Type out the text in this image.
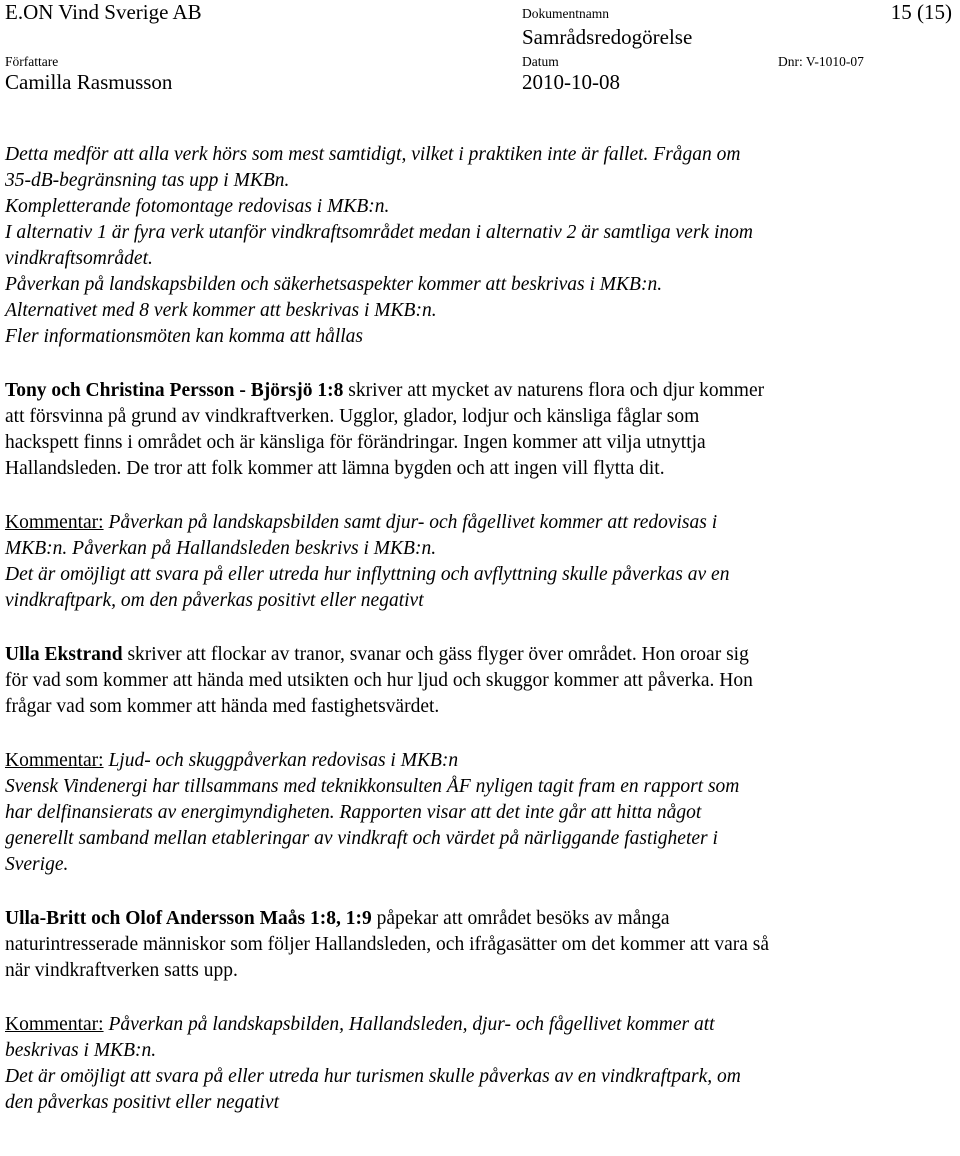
E.ON Vind Sverige AB	Dokumentnamn	15 (15)
Samrådsredogörelse
Författare	Datum	Dnr: V-1010-07
Camilla Rasmusson	2010-10-08

Detta medför att alla verk hörs som mest samtidigt, vilket i praktiken inte är fallet. Frågan om

35-dB-begränsning tas upp i MKBn.

Kompletterande fotomontage redovisas i MKB:n.

I alternativ 1 är fyra verk utanför vindkraftsområdet medan i alternativ 2 är samtliga verk inom

vindkraftsområdet.

Påverkan på landskapsbilden och säkerhetsaspekter kommer att beskrivas i MKB:n.

Alternativet med 8 verk kommer att beskrivas i MKB:n.

Fler informationsmöten kan komma att hållas

Tony och Christina Persson - Björsjö 1:8 skriver att mycket av naturens flora och djur kommer

att försvinna på grund av vindkraftverken. Ugglor, glador, lodjur och känsliga fåglar som

hackspett finns i området och är känsliga för förändringar. Ingen kommer att vilja utnyttja

Hallandsleden. De tror att folk kommer att lämna bygden och att ingen vill flytta dit.

Kommentar: Påverkan på landskapsbilden samt djur- och fågellivet kommer att redovisas i

MKB:n. Påverkan på Hallandsleden beskrivs i MKB:n.

Det är omöjligt att svara på eller utreda hur inflyttning och avflyttning skulle påverkas av en

vindkraftpark, om den påverkas positivt eller negativt

Ulla Ekstrand skriver att flockar av tranor, svanar och gäss flyger över området. Hon oroar sig

för vad som kommer att hända med utsikten och hur ljud och skuggor kommer att påverka. Hon

frågar vad som kommer att hända med fastighetsvärdet.

Kommentar: Ljud- och skuggpåverkan redovisas i MKB:n

Svensk Vindenergi har tillsammans med teknikkonsulten ÅF nyligen tagit fram en rapport som

har delfinansierats av energimyndigheten. Rapporten visar att det inte går att hitta något

generellt samband mellan etableringar av vindkraft och värdet på närliggande fastigheter i

Sverige.

Ulla-Britt och Olof Andersson Maås 1:8, 1:9 påpekar att området besöks av många

naturintresserade människor som följer Hallandsleden, och ifrågasätter om det kommer att vara så

när vindkraftverken satts upp.

Kommentar: Påverkan på landskapsbilden, Hallandsleden, djur- och fågellivet kommer att

beskrivas i MKB:n.

Det är omöjligt att svara på eller utreda hur turismen skulle påverkas av en vindkraftpark, om

den påverkas positivt eller negativt
